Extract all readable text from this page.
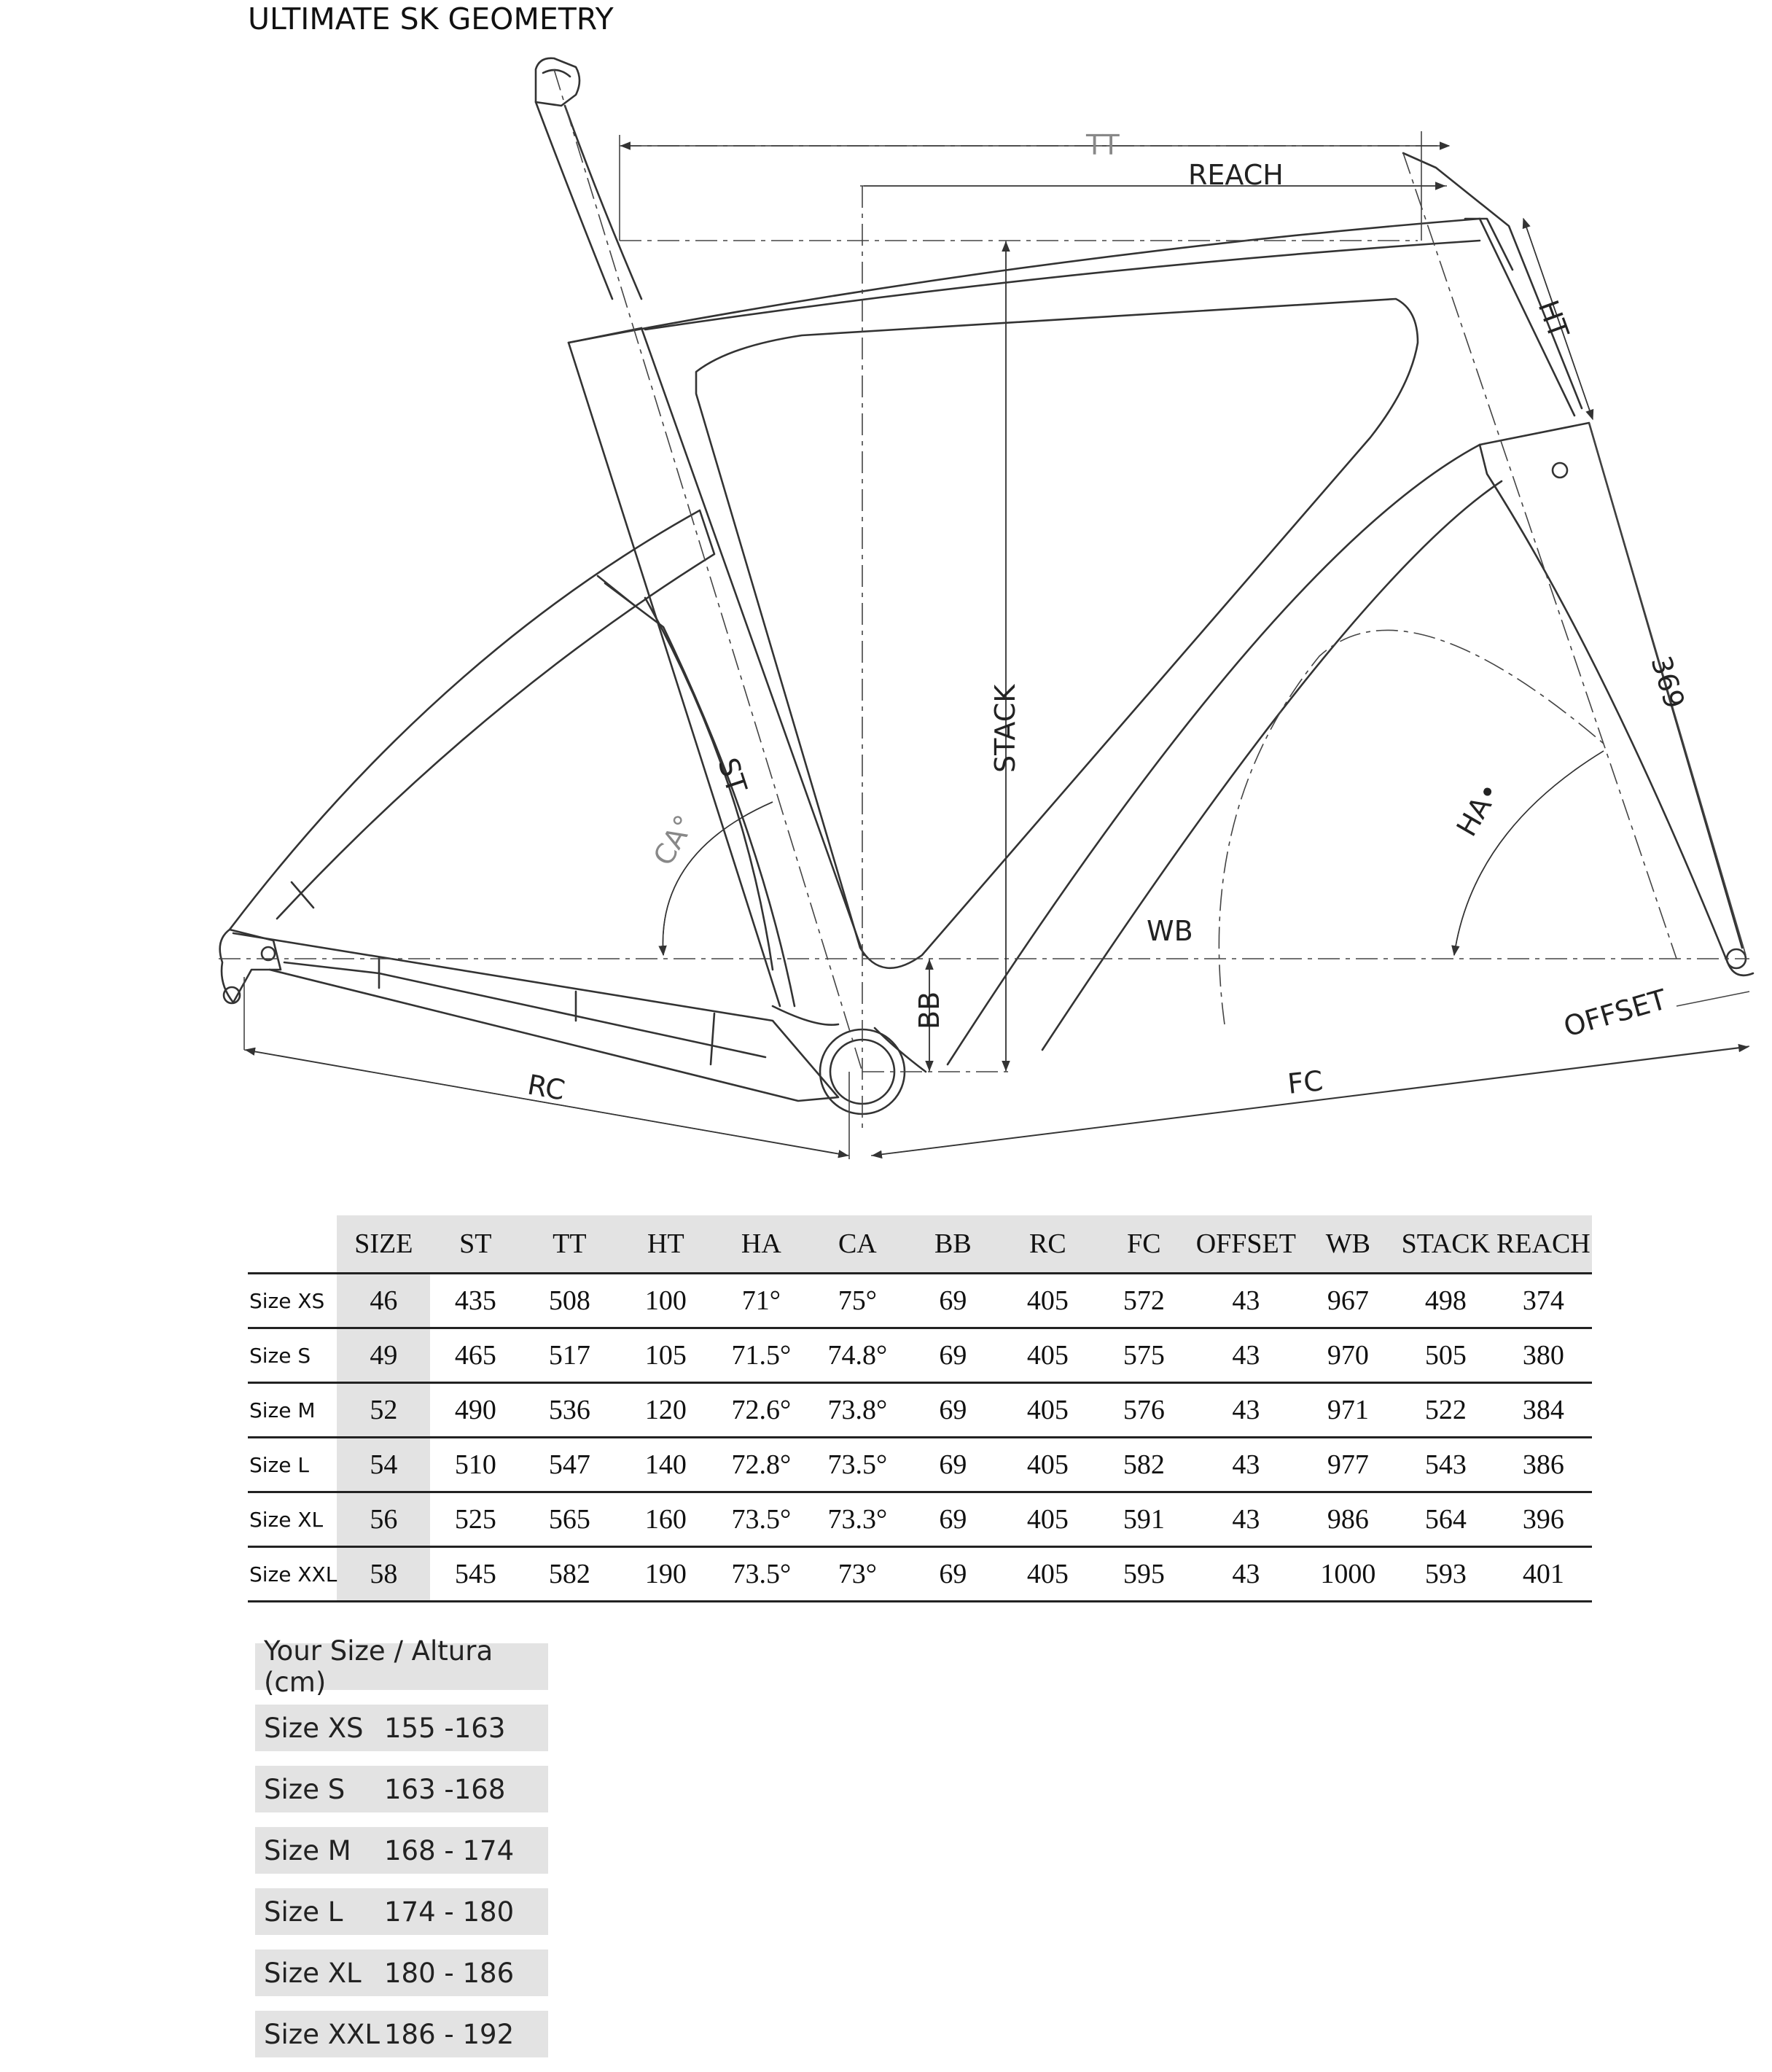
ULTIMATE SK GEOMETRY
TT
REACH
HT
369
ST
CA°
STACK
HA•
WB
BB	OFFSET
RC	FC
	SIZE	ST	TT	HT	HA	CA	BB	RC	FC	OFFSET	WB	STACK	REACH
Size XS	46	435	508	100	71°	75°	69	405	572	43	967	498	374
Size S	49	465	517	105	71.5°	74.8°	69	405	575	43	970	505	380
Size M	52	490	536	120	72.6°	73.8°	69	405	576	43	971	522	384
Size L	54	510	547	140	72.8°	73.5°	69	405	582	43	977	543	386
Size XL	56	525	565	160	73.5°	73.3°	69	405	591	43	986	564	396
Size XXL	58	545	582	190	73.5°	73°	69	405	595	43	1000	593	401
Your Size / Altura (cm)
Size XS 155 -163
Size S	163 -168
Size M	168 - 174
Size L	174 - 180
Size XL 180 - 186
Size XXL 186 - 192
